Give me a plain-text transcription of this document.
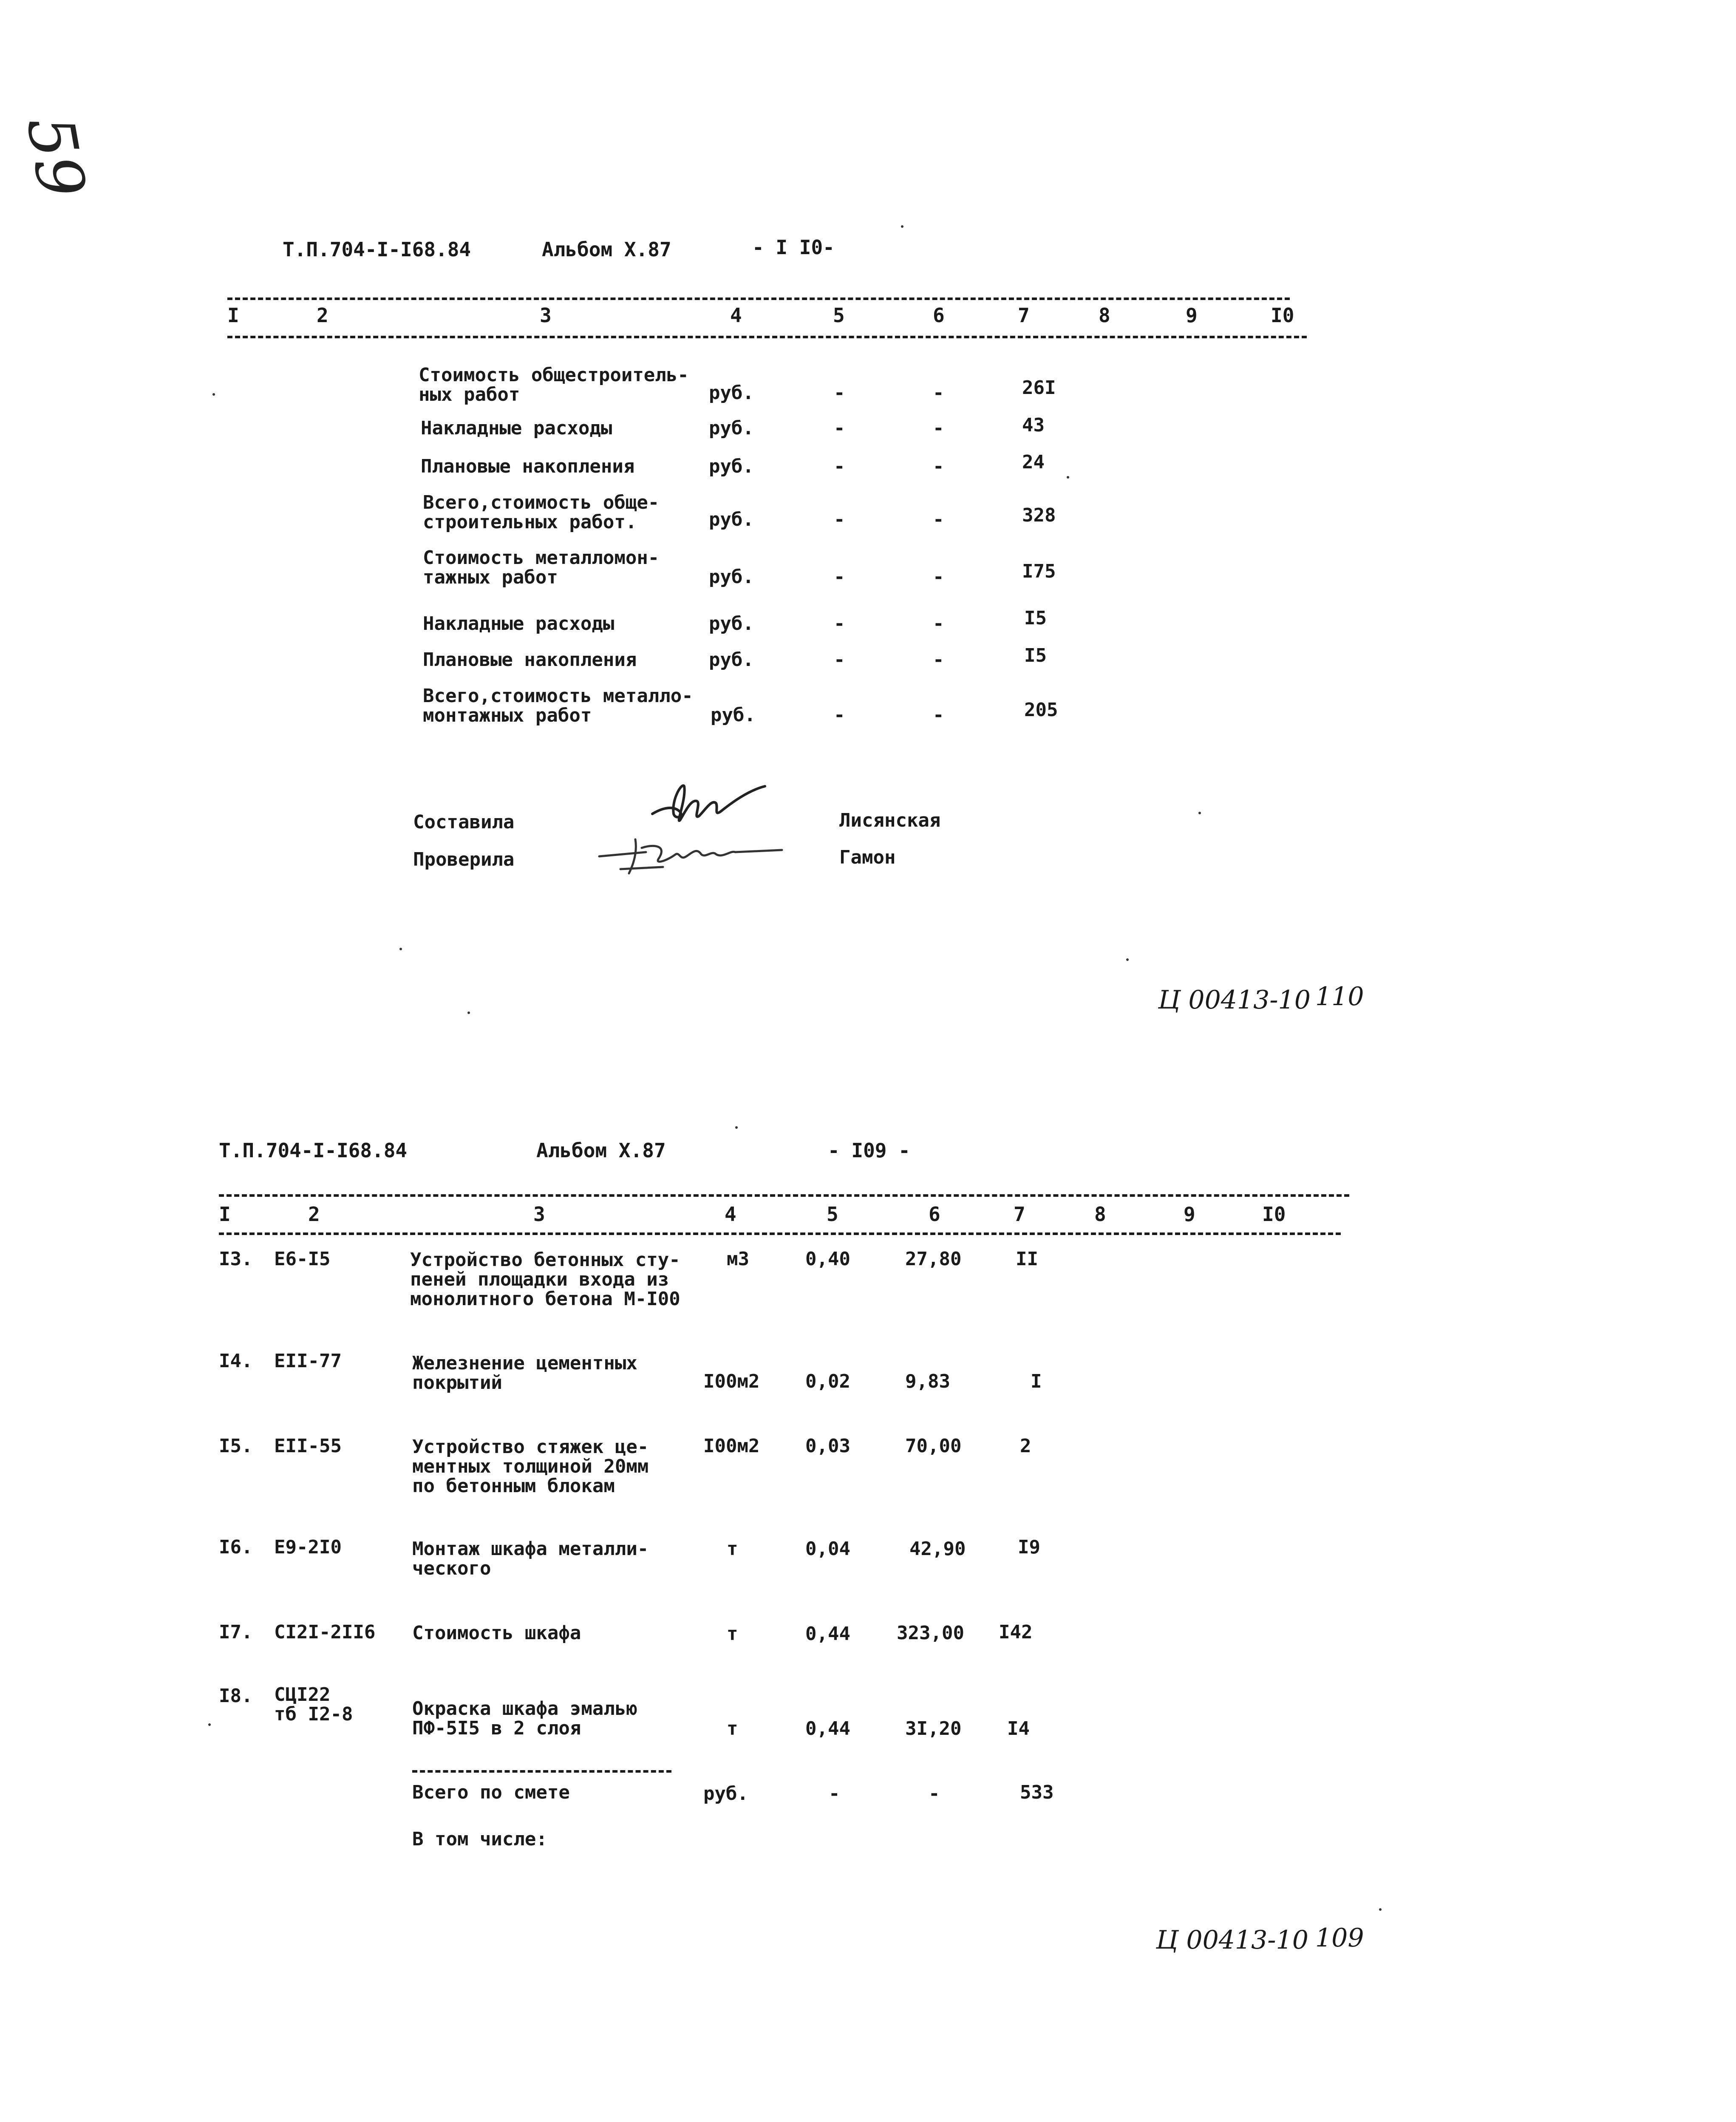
59
Т.П.704-I-I68.84	Альбом X.87	- I I0-
I	2	3	4	5	6	7	8	9	I0
Стоимость общестроитель-
ных работ	руб.	-	-	26I
Накладные расходы	руб.	-	-	43
Плановые накопления	руб.	-	-	24
Всего,стоимость обще-
строительных работ.	руб.	-	-	328
Стоимость металломон-
тажных работ	руб.	-	-	I75
Накладные расходы	руб.	-	-	I5
Плановые накопления	руб.	-	-	I5
Всего,стоимость металло-
монтажных работ	руб.	-	-	205
Составила
Проверила
Лисянская
Гамон
Ц 00413-10 110
Т.П.704-I-I68.84	Альбом X.87	- I09 -
I	2	3	4	5	6	7	8	9	I0
I3. Е6-I5	Устройство бетонных сту-
пеней площадки входа из
монолитного бетона М-I00
м3	0,40	27,80	II
I4. ЕII-77	Железнение цементных
покрытий	I00м2 0,02	9,83	I
I5. ЕII-55	Устройство стяжек це-
ментных толщиной 20мм
по бетонным блокам
I00м2 0,03	70,00	2
I6. Е9-2I0	Монтаж шкафа металли-
ческого
т	0,04	42,90	I9
I7. СI2I-2II6 Стоимость шкафа	т	0,44 323,00 I42
I8. СЦI22
тб I2-8	Окраска шкафа эмалью
ПФ-5I5 в 2 слоя	т	0,44	3I,20 I4
Всего по смете	руб.	-	-	533
В том числе:
Ц 00413-10 109
